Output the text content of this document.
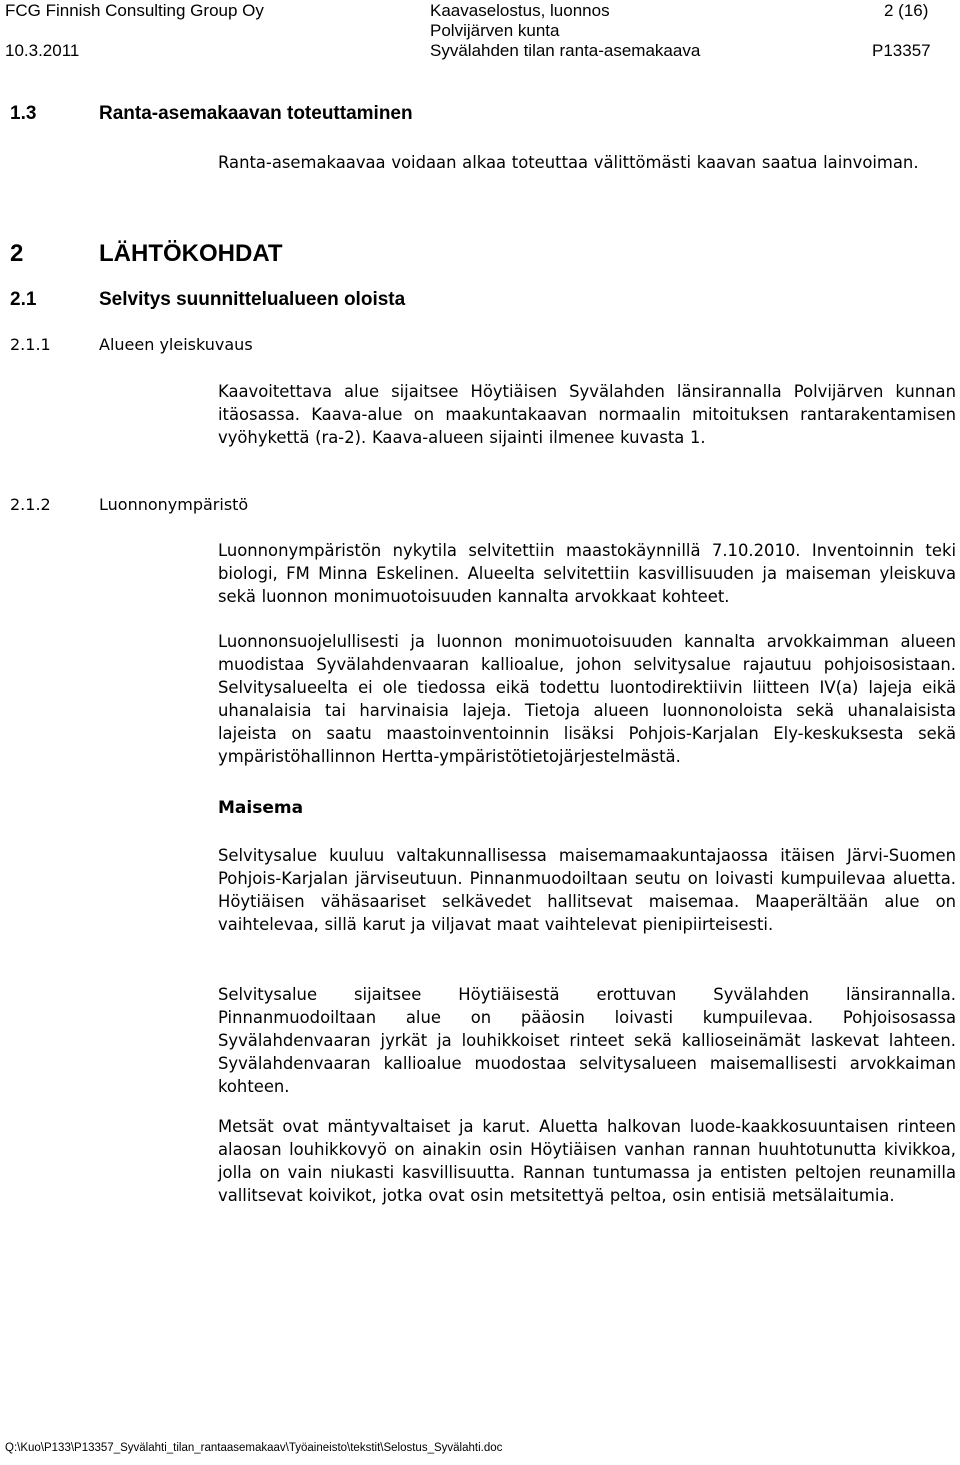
FCG Finnish Consulting Group Oy
10.3.2011
Kaavaselostus, luonnos
Polvijärven kunta
Syvälahden tilan ranta-asemakaava
2 (16)
P13357
1.3	Ranta-asemakaavan toteuttaminen

Ranta-asemakaavaa voidaan alkaa toteuttaa välittömästi kaavan saatua lainvoiman.

2	LÄHTÖKOHDAT
2.1	Selvitys suunnittelualueen oloista
2.1.1	Alueen yleiskuvaus

Kaavoitettava alue sijaitsee Höytiäisen Syvälahden länsirannalla Polvijärven kunnan itäosassa. Kaava-alue on maakuntakaavan normaalin mitoituksen rantarakentamisen vyöhykettä (ra-2). Kaava-alueen sijainti ilmenee kuvasta 1.

2.1.2	Luonnonympäristö

Luonnonympäristön nykytila selvitettiin maastokäynnillä 7.10.2010. Inventoinnin teki biologi, FM Minna Eskelinen. Alueelta selvitettiin kasvillisuuden ja maiseman yleiskuva sekä luonnon monimuotoisuuden kannalta arvokkaat kohteet.

Luonnonsuojelullisesti ja luonnon monimuotoisuuden kannalta arvokkaimman alueen muodistaa Syvälahdenvaaran kallioalue, johon selvitysalue rajautuu pohjoisosistaan. Selvitysalueelta ei ole tiedossa eikä todettu luontodirektiivin liitteen IV(a) lajeja eikä uhanalaisia tai harvinaisia lajeja. Tietoja alueen luonnonoloista sekä uhanalaisista lajeista on saatu maastoinventoinnin lisäksi Pohjois-Karjalan Ely-keskuksesta sekä ympäristöhallinnon Hertta-ympäristötietojärjestelmästä.

Maisema

Selvitysalue kuuluu valtakunnallisessa maisemamaakuntajaossa itäisen Järvi-Suomen Pohjois-Karjalan järviseutuun. Pinnanmuodoiltaan seutu on loivasti kumpuilevaa aluetta. Höytiäisen vähäsaariset selkävedet hallitsevat maisemaa. Maaperältään alue on vaihtelevaa, sillä karut ja viljavat maat vaihtelevat pienipiirteisesti.

Selvitysalue sijaitsee Höytiäisestä erottuvan Syvälahden länsirannalla. Pinnanmuodoiltaan alue on pääosin loivasti kumpuilevaa. Pohjoisosassa Syvälahdenvaaran jyrkät ja louhikkoiset rinteet sekä kallioseinämät laskevat lahteen. Syvälahdenvaaran kallioalue muodostaa selvitysalueen maisemallisesti arvokkaiman kohteen.

Metsät ovat mäntyvaltaiset ja karut. Aluetta halkovan luode-kaakkosuuntaisen rinteen alaosan louhikkovyö on ainakin osin Höytiäisen vanhan rannan huuhtotunutta kivikkoa, jolla on vain niukasti kasvillisuutta. Rannan tuntumassa ja entisten peltojen reunamilla vallitsevat koivikot, jotka ovat osin metsitettyä peltoa, osin entisiä metsälaitumia.

Q:\Kuo\P133\P13357_Syvälahti_tilan_rantaasemakaav\Työaineisto\tekstit\Selostus_Syvälahti.doc
